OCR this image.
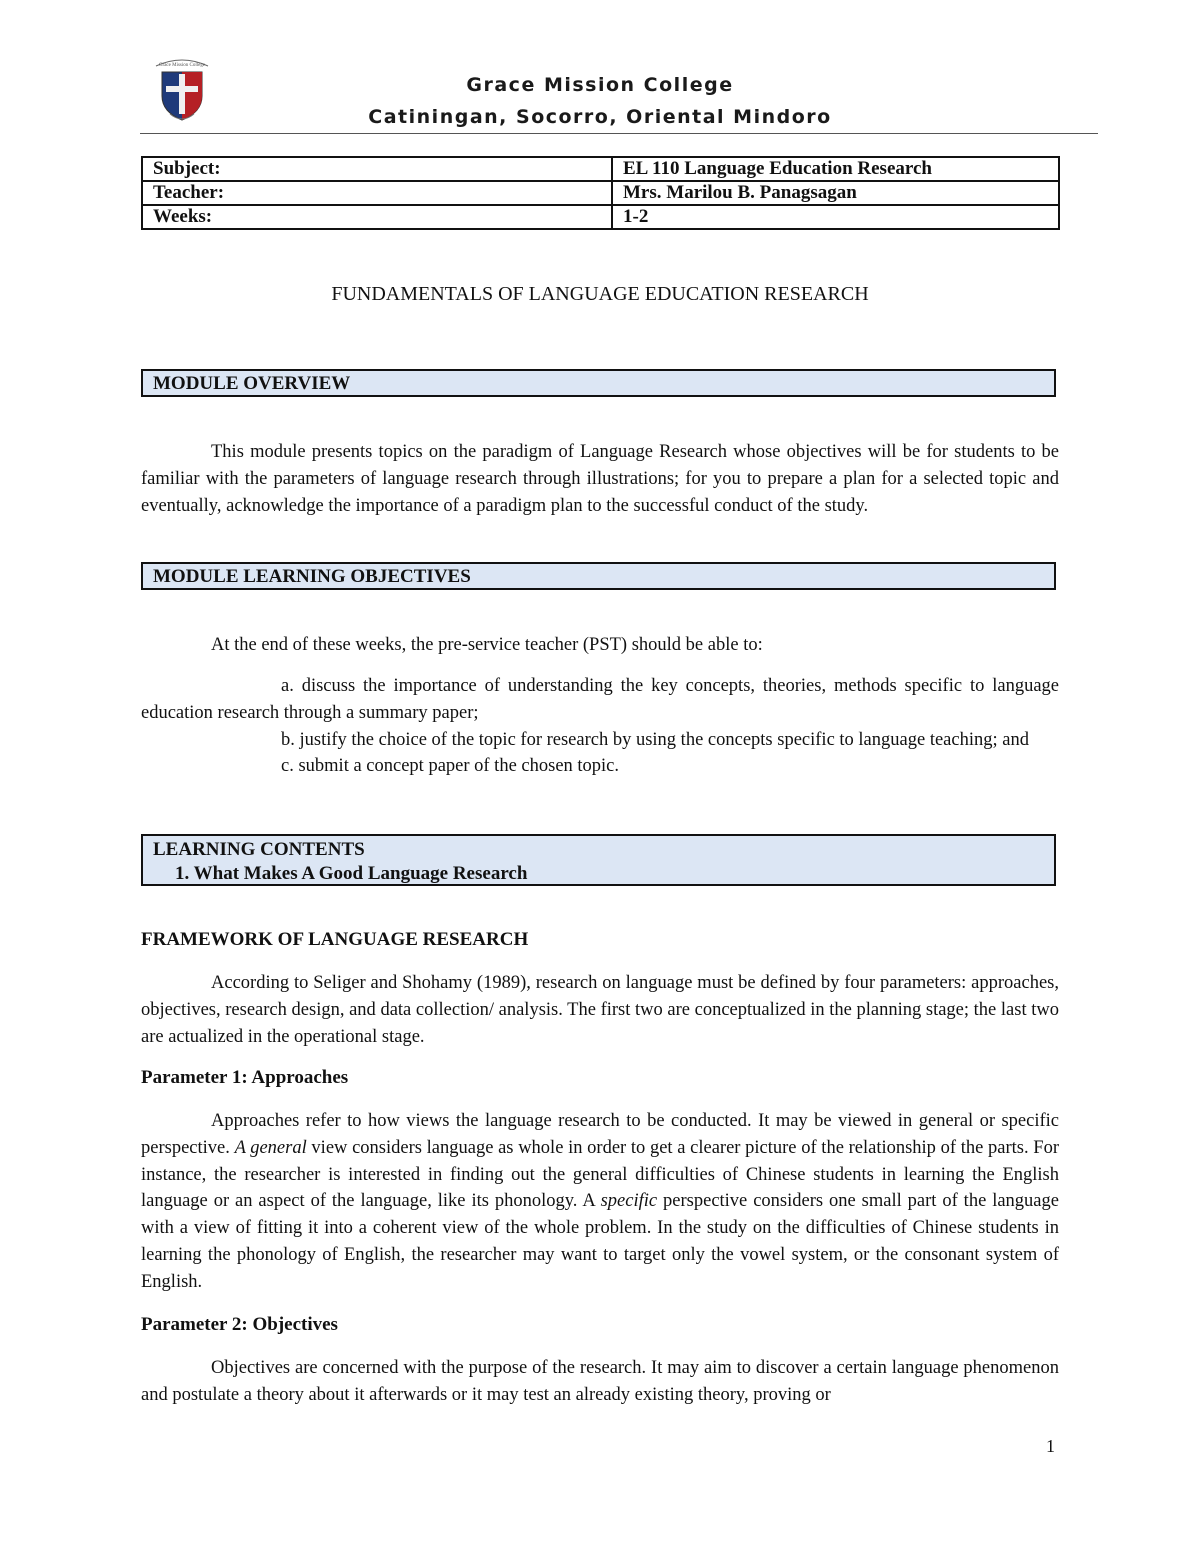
Grace Mission College
Grace Mission College
Catiningan, Socorro, Oriental Mindoro
Subject:	EL 110 Language Education Research
Teacher:	Mrs. Marilou B. Panagsagan
Weeks:	1-2
FUNDAMENTALS OF LANGUAGE EDUCATION RESEARCH
MODULE OVERVIEW
This module presents topics on the paradigm of Language Research whose objectives will be for students to be familiar with the parameters of language research through illustrations; for you to prepare a plan for a selected topic and eventually, acknowledge the importance of a paradigm plan to the successful conduct of the study.
MODULE LEARNING OBJECTIVES
At the end of these weeks, the pre-service teacher (PST) should be able to:
a. discuss the importance of understanding the key concepts, theories, methods specific to language education research through a summary paper;
b. justify the choice of the topic for research by using the concepts specific to language teaching; and
c. submit a concept paper of the chosen topic.
LEARNING CONTENTS
1. What Makes A Good Language Research
FRAMEWORK OF LANGUAGE RESEARCH
According to Seliger and Shohamy (1989), research on language must be defined by four parameters: approaches, objectives, research design, and data collection/ analysis. The first two are conceptualized in the planning stage; the last two are actualized in the operational stage.
Parameter 1: Approaches
Approaches refer to how views the language research to be conducted. It may be viewed in general or specific perspective. A general view considers language as whole in order to get a clearer picture of the relationship of the parts. For instance, the researcher is interested in finding out the general difficulties of Chinese students in learning the English language or an aspect of the language, like its phonology. A specific perspective considers one small part of the language with a view of fitting it into a coherent view of the whole problem. In the study on the difficulties of Chinese students in learning the phonology of English, the researcher may want to target only the vowel system, or the consonant system of English.
Parameter 2: Objectives
Objectives are concerned with the purpose of the research. It may aim to discover a certain language phenomenon and postulate a theory about it afterwards or it may test an already existing theory, proving or
1
